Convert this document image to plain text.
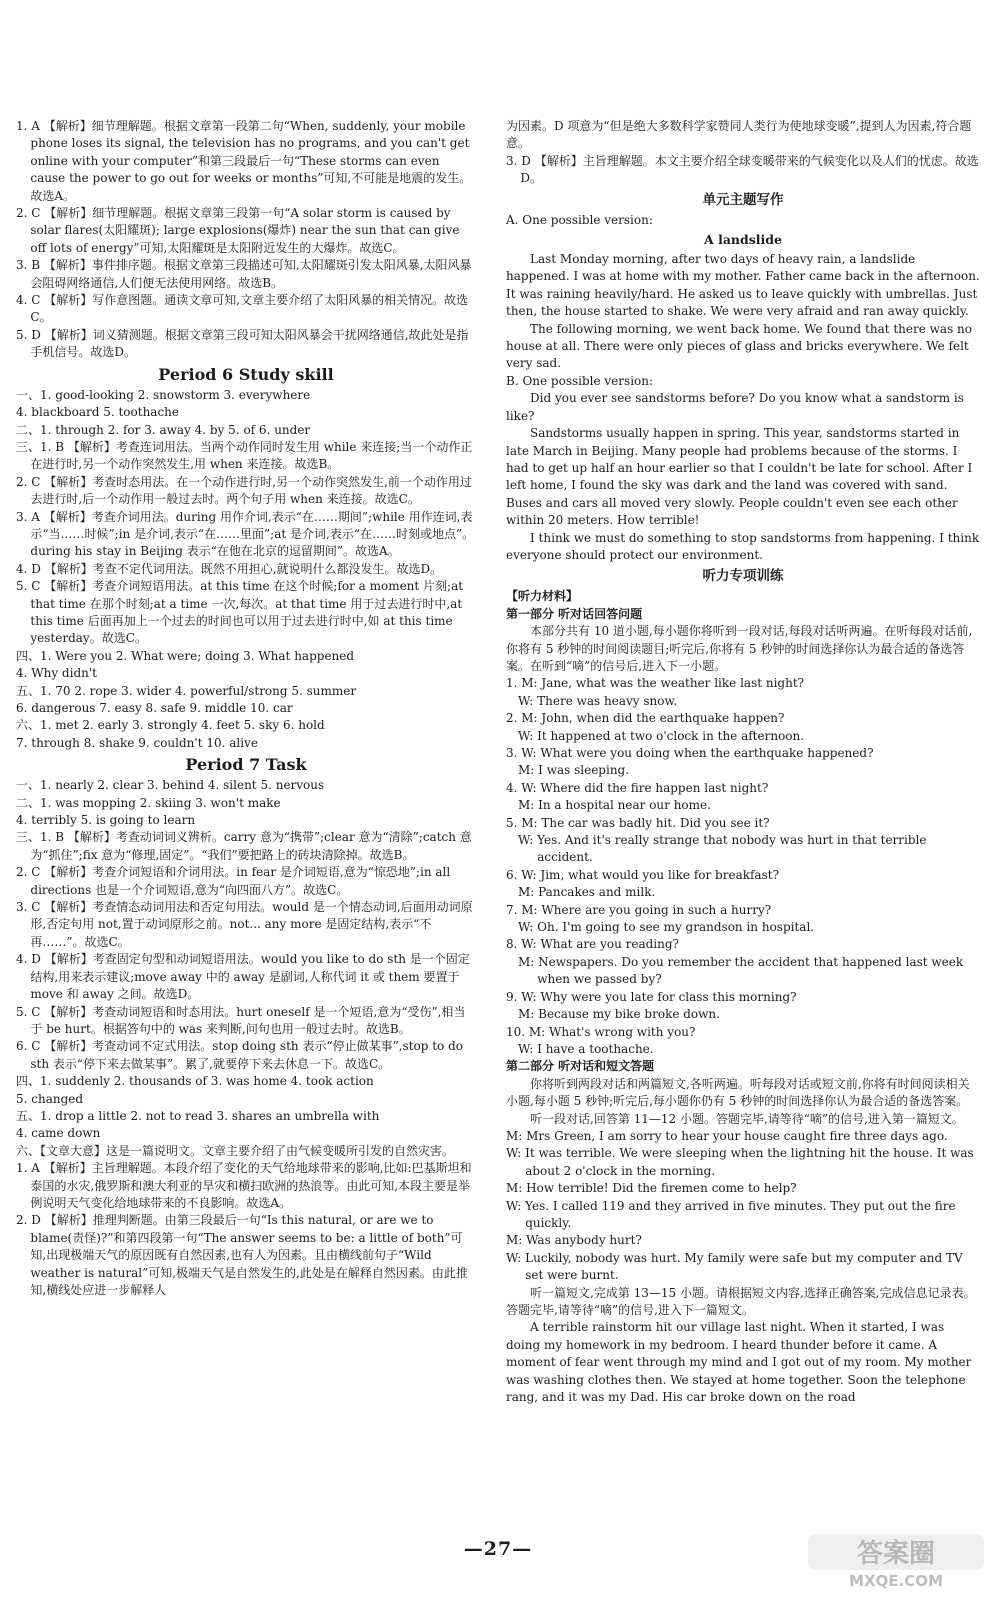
1. A 【解析】细节理解题。根据文章第一段第二句“When, suddenly, your mobile phone loses its signal, the television has no programs, and you can't get online with your computer”和第三段最后一句“These storms can even cause the power to go out for weeks or months”可知,不可能是地震的发生。故选A。

2. C 【解析】细节理解题。根据文章第三段第一句“A solar storm is caused by solar flares(太阳耀斑); large explosions(爆炸) near the sun that can give off lots of energy”可知,太阳耀斑是太阳附近发生的大爆炸。故选C。

3. B 【解析】事件排序题。根据文章第三段描述可知,太阳耀斑引发太阳风暴,太阳风暴会阻碍网络通信,人们便无法使用网络。故选B。

4. C 【解析】写作意图题。通读文章可知,文章主要介绍了太阳风暴的相关情况。故选C。

5. D 【解析】词义猜测题。根据文章第三段可知太阳风暴会干扰网络通信,故此处是指手机信号。故选D。

Period 6 Study skill

一、1. good-looking 2. snowstorm 3. everywhere

4. blackboard 5. toothache

二、1. through 2. for 3. away 4. by 5. of 6. under

三、1. B 【解析】考查连词用法。当两个动作同时发生用 while 来连接;当一个动作正在进行时,另一个动作突然发生,用 when 来连接。故选B。

2. C 【解析】考查时态用法。在一个动作进行时,另一个动作突然发生,前一个动作用过去进行时,后一个动作用一般过去时。两个句子用 when 来连接。故选C。

3. A 【解析】考查介词用法。during 用作介词,表示“在……期间”;while 用作连词,表示“当……时候”;in 是介词,表示“在……里面”;at 是介词,表示“在……时刻或地点”。during his stay in Beijing 表示“在他在北京的逗留期间”。故选A。

4. D 【解析】考查不定代词用法。既然不用担心,就说明什么都没发生。故选D。

5. C 【解析】考查介词短语用法。at this time 在这个时候;for a moment 片刻;at that time 在那个时刻;at a time 一次,每次。at that time 用于过去进行时中,at this time 后面再加上一个过去的时间也可以用于过去进行时中,如 at this time yesterday。故选C。

四、1. Were you 2. What were; doing 3. What happened

4. Why didn't

五、1. 70 2. rope 3. wider 4. powerful/strong 5. summer

6. dangerous 7. easy 8. safe 9. middle 10. car

六、1. met 2. early 3. strongly 4. feet 5. sky 6. hold

7. through 8. shake 9. couldn't 10. alive

Period 7 Task

一、1. nearly 2. clear 3. behind 4. silent 5. nervous

二、1. was mopping 2. skiing 3. won't make

4. terribly 5. is going to learn

三、1. B 【解析】考查动词词义辨析。carry 意为“携带”;clear 意为“清除”;catch 意为“抓住”;fix 意为“修理,固定”。“我们”要把路上的砖块清除掉。故选B。

2. C 【解析】考查介词短语和介词用法。in fear 是介词短语,意为“惊恐地”;in all directions 也是一个介词短语,意为“向四面八方”。故选C。

3. C 【解析】考查情态动词用法和否定句用法。would 是一个情态动词,后面用动词原形,否定句用 not,置于动词原形之前。not... any more 是固定结构,表示“不再……”。故选C。

4. D 【解析】考查固定句型和动词短语用法。would you like to do sth 是一个固定结构,用来表示建议;move away 中的 away 是副词,人称代词 it 或 them 要置于 move 和 away 之间。故选D。

5. C 【解析】考查动词短语和时态用法。hurt oneself 是一个短语,意为“受伤”,相当于 be hurt。根据答句中的 was 来判断,问句也用一般过去时。故选B。

6. C 【解析】考查动词不定式用法。stop doing sth 表示“停止做某事”,stop to do sth 表示“停下来去做某事”。累了,就要停下来去休息一下。故选C。

四、1. suddenly 2. thousands of 3. was home 4. took action

5. changed

五、1. drop a little 2. not to read 3. shares an umbrella with

4. came down

六、【文章大意】这是一篇说明文。文章主要介绍了由气候变暖所引发的自然灾害。

1. A 【解析】主旨理解题。本段介绍了变化的天气给地球带来的影响,比如:巴基斯坦和泰国的水灾,俄罗斯和澳大利亚的旱灾和横扫欧洲的热浪等。由此可知,本段主要是举例说明天气变化给地球带来的不良影响。故选A。

2. D 【解析】推理判断题。由第三段最后一句“Is this natural, or are we to blame(责怪)?”和第四段第一句“The answer seems to be: a little of both”可知,出现极端天气的原因既有自然因素,也有人为因素。且由横线前句子“Wild weather is natural”可知,极端天气是自然发生的,此处是在解释自然因素。由此推知,横线处应进一步解释人

为因素。D 项意为“但是绝大多数科学家赞同人类行为使地球变暖”,提到人为因素,符合题意。

3. D 【解析】主旨理解题。本文主要介绍全球变暖带来的气候变化以及人们的忧虑。故选D。

单元主题写作

A. One possible version:

A landslide

Last Monday morning, after two days of heavy rain, a landslide happened. I was at home with my mother. Father came back in the afternoon. It was raining heavily/hard. He asked us to leave quickly with umbrellas. Just then, the house started to shake. We were very afraid and ran away quickly.

The following morning, we went back home. We found that there was no house at all. There were only pieces of glass and bricks everywhere. We felt very sad.

B. One possible version:

Did you ever see sandstorms before? Do you know what a sandstorm is like?

Sandstorms usually happen in spring. This year, sandstorms started in late March in Beijing. Many people had problems because of the storms. I had to get up half an hour earlier so that I couldn't be late for school. After I left home, I found the sky was dark and the land was covered with sand. Buses and cars all moved very slowly. People couldn't even see each other within 20 meters. How terrible!

I think we must do something to stop sandstorms from happening. I think everyone should protect our environment.

听力专项训练

【听力材料】

第一部分 听对话回答问题

本部分共有 10 道小题,每小题你将听到一段对话,每段对话听两遍。在听每段对话前,你将有 5 秒钟的时间阅读题目;听完后,你将有 5 秒钟的时间选择你认为最合适的备选答案。在听到“嘀”的信号后,进入下一小题。

1. M: Jane, what was the weather like last night?

W: There was heavy snow.

2. M: John, when did the earthquake happen?

W: It happened at two o'clock in the afternoon.

3. W: What were you doing when the earthquake happened?

M: I was sleeping.

4. W: Where did the fire happen last night?

M: In a hospital near our home.

5. M: The car was badly hit. Did you see it?

W: Yes. And it's really strange that nobody was hurt in that terrible accident.

6. W: Jim, what would you like for breakfast?

M: Pancakes and milk.

7. M: Where are you going in such a hurry?

W: Oh. I'm going to see my grandson in hospital.

8. W: What are you reading?

M: Newspapers. Do you remember the accident that happened last week when we passed by?

9. W: Why were you late for class this morning?

M: Because my bike broke down.

10. M: What's wrong with you?

W: I have a toothache.

第二部分 听对话和短文答题

你将听到两段对话和两篇短文,各听两遍。听每段对话或短文前,你将有时间阅读相关小题,每小题 5 秒钟;听完后,每小题你仍有 5 秒钟的时间选择你认为最合适的备选答案。

听一段对话,回答第 11—12 小题。答题完毕,请等待“嘀”的信号,进入第一篇短文。

M: Mrs Green, I am sorry to hear your house caught fire three days ago.

W: It was terrible. We were sleeping when the lightning hit the house. It was about 2 o'clock in the morning.

M: How terrible! Did the firemen come to help?

W: Yes. I called 119 and they arrived in five minutes. They put out the fire quickly.

M: Was anybody hurt?

W: Luckily, nobody was hurt. My family were safe but my computer and TV set were burnt.

听一篇短文,完成第 13—15 小题。请根据短文内容,选择正确答案,完成信息记录表。答题完毕,请等待“嘀”的信号,进入下一篇短文。

A terrible rainstorm hit our village last night. When it started, I was doing my homework in my bedroom. I heard thunder before it came. A moment of fear went through my mind and I got out of my room. My mother was washing clothes then. We stayed at home together. Soon the telephone rang, and it was my Dad. His car broke down on the road

—27—	答案圈
MXQE.COM
